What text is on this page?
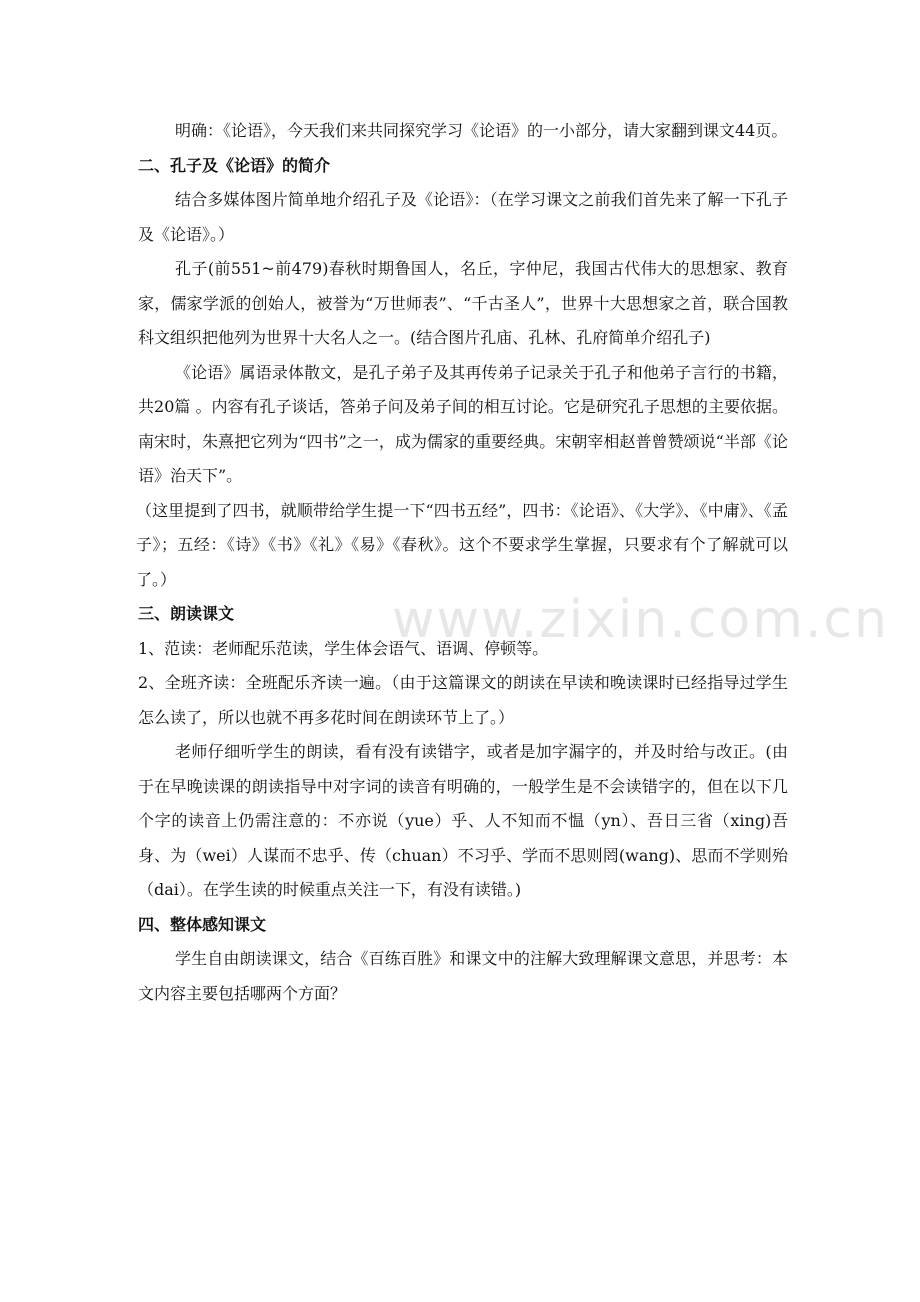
明确：《论语》，今天我们来共同探究学习《论语》的一小部分，请大家翻到课文44页。

二、孔子及《论语》的简介

结合多媒体图片简单地介绍孔子及《论语》：（在学习课文之前我们首先来了解一下孔子及《论语》。）

孔子(前551~前479)春秋时期鲁国人，名丘，字仲尼，我国古代伟大的思想家、教育家，儒家学派的创始人，被誉为“万世师表”、“千古圣人”，世界十大思想家之首，联合国教科文组织把他列为世界十大名人之一。(结合图片孔庙、孔林、孔府简单介绍孔子)

《论语》属语录体散文，是孔子弟子及其再传弟子记录关于孔子和他弟子言行的书籍，共20篇 。内容有孔子谈话，答弟子问及弟子间的相互讨论。它是研究孔子思想的主要依据。南宋时，朱熹把它列为“四书”之一，成为儒家的重要经典。宋朝宰相赵普曾赞颂说“半部《论语》治天下”。

（这里提到了四书，就顺带给学生提一下“四书五经”，四书：《论语》、《大学》、《中庸》、《孟子》；五经：《诗》《书》《礼》《易》《春秋》。这个不要求学生掌握，只要求有个了解就可以了。）

三、朗读课文

1、范读：老师配乐范读，学生体会语气、语调、停顿等。

2、全班齐读：全班配乐齐读一遍。（由于这篇课文的朗读在早读和晚读课时已经指导过学生怎么读了，所以也就不再多花时间在朗读环节上了。）

老师仔细听学生的朗读，看有没有读错字，或者是加字漏字的，并及时给与改正。(由于在早晚读课的朗读指导中对字词的读音有明确的，一般学生是不会读错字的，但在以下几个字的读音上仍需注意的：不亦说（yue）乎、人不知而不愠（yn）、吾日三省（xing)吾身、为（wei）人谋而不忠乎、传（chuan）不习乎、学而不思则罔(wang)、思而不学则殆（dai）。在学生读的时候重点关注一下，有没有读错。)

四、整体感知课文

学生自由朗读课文，结合《百练百胜》和课文中的注解大致理解课文意思，并思考：本文内容主要包括哪两个方面？

www.zixin.com.cn
